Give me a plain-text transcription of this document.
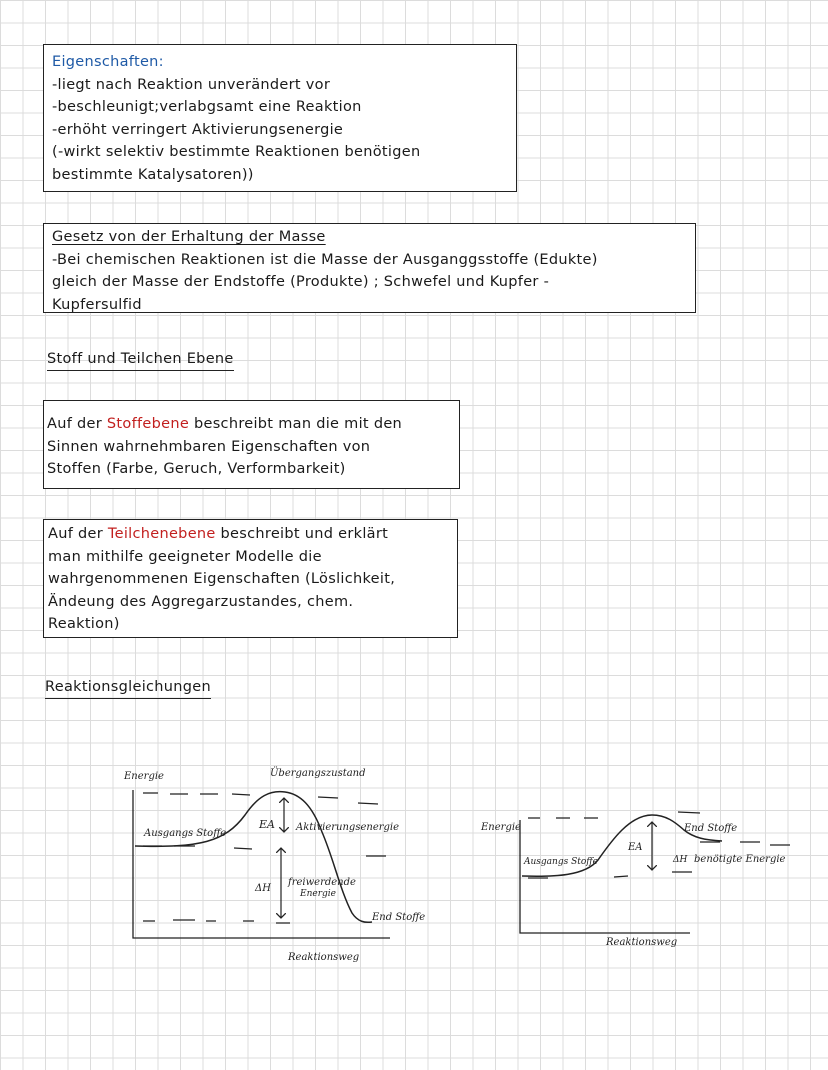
Eigenschaften:
-liegt nach Reaktion unverändert vor
-beschleunigt;verlabgsamt eine Reaktion
-erhöht verringert Aktivierungsenergie
(-wirkt selektiv bestimmte Reaktionen benötigen
bestimmte Katalysatoren))
Gesetz von der Erhaltung der Masse
-Bei chemischen Reaktionen ist die Masse der Ausganggsstoffe (Edukte)
gleich der Masse der Endstoffe (Produkte) ; Schwefel und Kupfer -
Kupfersulfid
Stoff und Teilchen Ebene
Auf der Stoffebene beschreibt man die mit den
Sinnen wahrnehmbaren Eigenschaften von
Stoffen (Farbe, Geruch, Verformbarkeit)
Auf der Teilchenebene beschreibt und erklärt
man mithilfe geeigneter Modelle die
wahrgenommenen Eigenschaften (Löslichkeit,
Ändeung des Aggregarzustandes, chem.
Reaktion)
Reaktionsgleichungen
Energie	Übergangszustand
Ausgangs Stoffe
EA Aktivierungsenergie
ΔH
freiwerdende
Energie
End Stoffe
Reaktionsweg
Energie
Ausgangs Stoffe
EA
End Stoffe
ΔH benötigte Energie
Reaktionsweg
